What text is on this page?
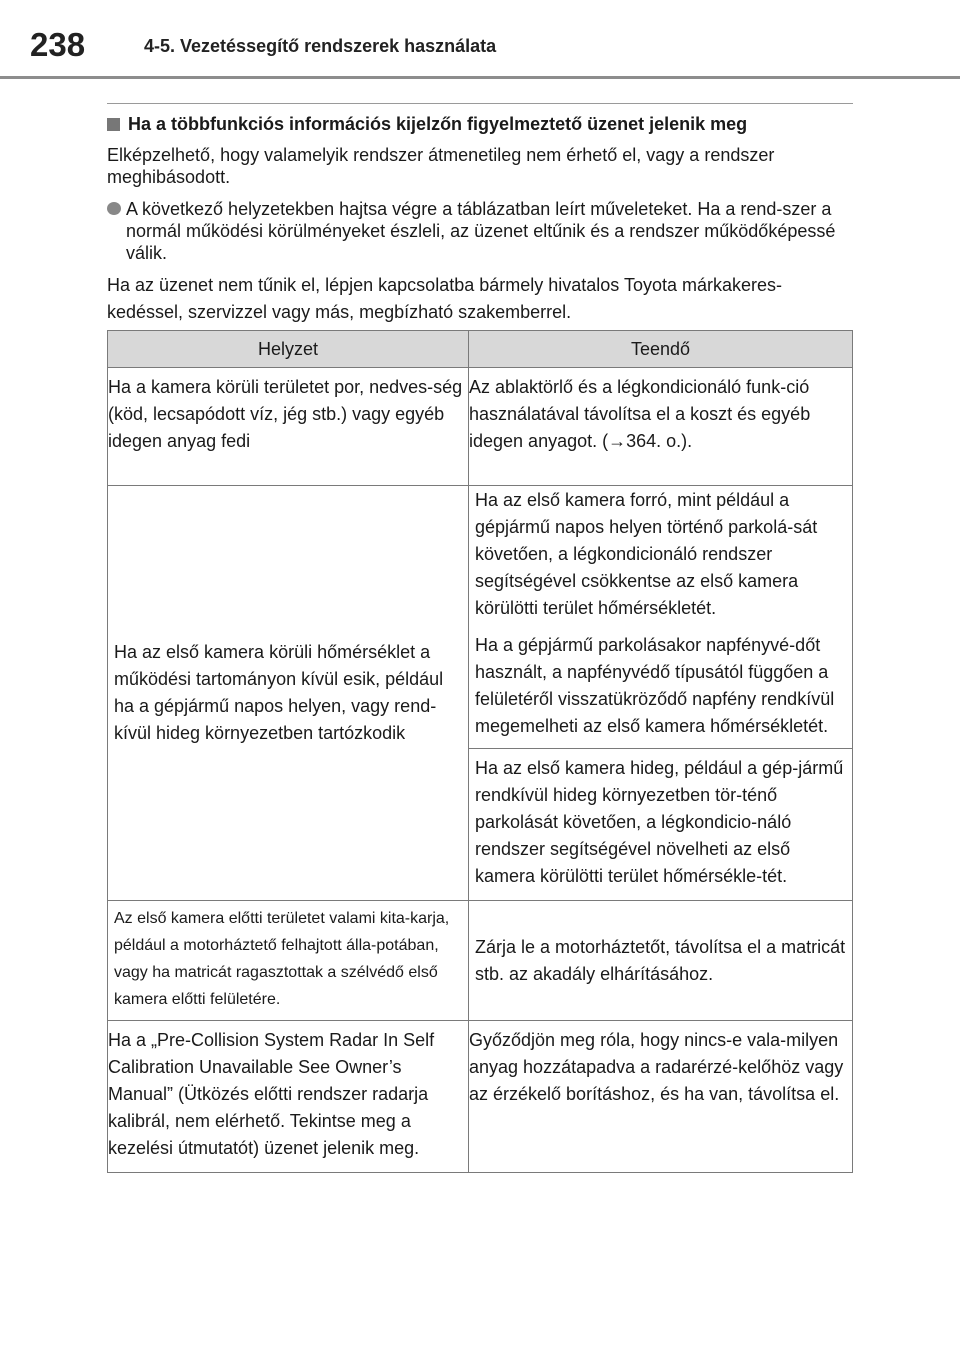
238	4-5. Vezetéssegítő rendszerek használata
Ha a többfunkciós információs kijelzőn figyelmeztető üzenet jelenik meg

Elképzelhető, hogy valamelyik rendszer átmenetileg nem érhető el, vagy a rendszer meghibásodott.

A következő helyzetekben hajtsa végre a táblázatban leírt műveleteket. Ha a rend-szer a normál működési körülményeket észleli, az üzenet eltűnik és a rendszer működőképessé válik.

Ha az üzenet nem tűnik el, lépjen kapcsolatba bármely hivatalos Toyota márkakeres-kedéssel, szervizzel vagy más, megbízható szakemberrel.

Helyzet	Teendő
Ha a kamera körüli területet por, nedves-ség (köd, lecsapódott víz, jég stb.) vagy egyéb idegen anyag fedi	Az ablaktörlő és a légkondicionáló funk-ció használatával távolítsa el a koszt és egyéb idegen anyagot. (→364. o.).
Ha az első kamera körüli hőmérséklet a működési tartományon kívül esik, például ha a gépjármű napos helyen, vagy rend-kívül hideg környezetben tartózkodik	Ha az első kamera forró, mint például a gépjármű napos helyen történő parkolá-sát követően, a légkondicionáló rendszer segítségével csökkentse az első kamera körülötti terület hőmérsékletét.
Ha a gépjármű parkolásakor napfényvé-dőt használt, a napfényvédő típusától függően a felületéről visszatükröződő napfény rendkívül megemelheti az első kamera hőmérsékletét.
Ha az első kamera hideg, például a gép-jármű rendkívül hideg környezetben tör-ténő parkolását követően, a légkondicio-náló rendszer segítségével növelheti az első kamera körülötti terület hőmérsékle-tét.

Az első kamera előtti területet valami kita-karja, például a motorháztető felhajtott álla-potában, vagy ha matricát ragasztottak a szélvédő első kamera előtti felületére.	Zárja le a motorháztetőt, távolítsa el a matricát stb. az akadály elhárításához.
Ha a „Pre-Collision System Radar In Self Calibration Unavailable See Owner’s Manual” (Ütközés előtti rendszer radarja kalibrál, nem elérhető. Tekintse meg a kezelési útmutatót) üzenet jelenik meg.	Győződjön meg róla, hogy nincs-e vala-milyen anyag hozzátapadva a radarérzé-kelőhöz vagy az érzékelő borításhoz, és ha van, távolítsa el.
